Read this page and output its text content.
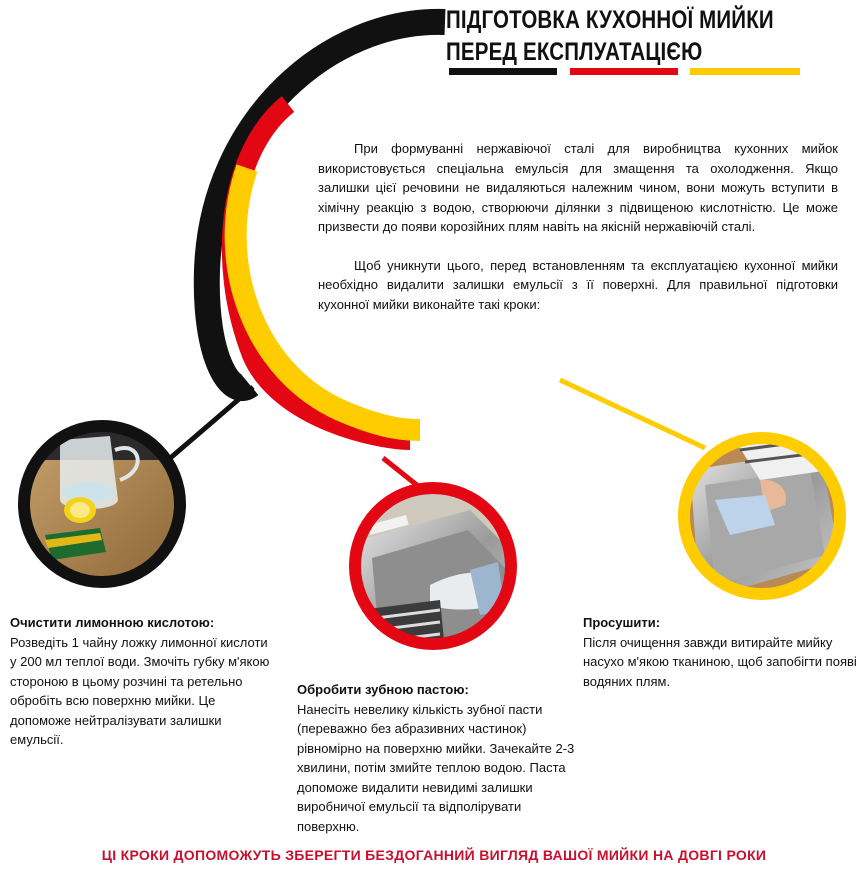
ПІДГОТОВКА КУХОННОЇ МИЙКИ
ПЕРЕД ЕКСПЛУАТАЦІЄЮ

При формуванні нержавіючої сталі для виробництва кухонних мийок використовується спеціальна емульсія для змащення та охолодження. Якщо залишки цієї речовини не видаляються належним чином, вони можуть вступити в хімічну реакцію з водою, створюючи ділянки з підвищеною кислотністю. Це може призвести до появи корозійних плям навіть на якісній нержавіючій сталі.

Щоб уникнути цього, перед встановленням та експлуатацією кухонної мийки необхідно видалити залишки емульсії з її поверхні. Для правильної підготовки кухонної мийки виконайте такі кроки:

Очистити лимонною кислотою:
Розведіть 1 чайну ложку лимонної кислоти у 200 мл теплої води. Змочіть губку м'якою стороною в цьому розчині та ретельно обробіть всю поверхню мийки. Це допоможе нейтралізувати залишки емульсії.
Обробити зубною пастою:
Нанесіть невелику кількість зубної пасти (переважно без абразивних частинок) рівномірно на поверхню мийки. Зачекайте 2-3 хвилини, потім змийте теплою водою. Паста допоможе видалити невидимі залишки виробничої емульсії та відполірувати поверхню.
Просушити:
Після очищення завжди витирайте мийку насухо м'якою тканиною, щоб запобігти появі водяних плям.
ЦІ КРОКИ ДОПОМОЖУТЬ ЗБЕРЕГТИ БЕЗДОГАННИЙ ВИГЛЯД ВАШОЇ МИЙКИ НА ДОВГІ РОКИ
